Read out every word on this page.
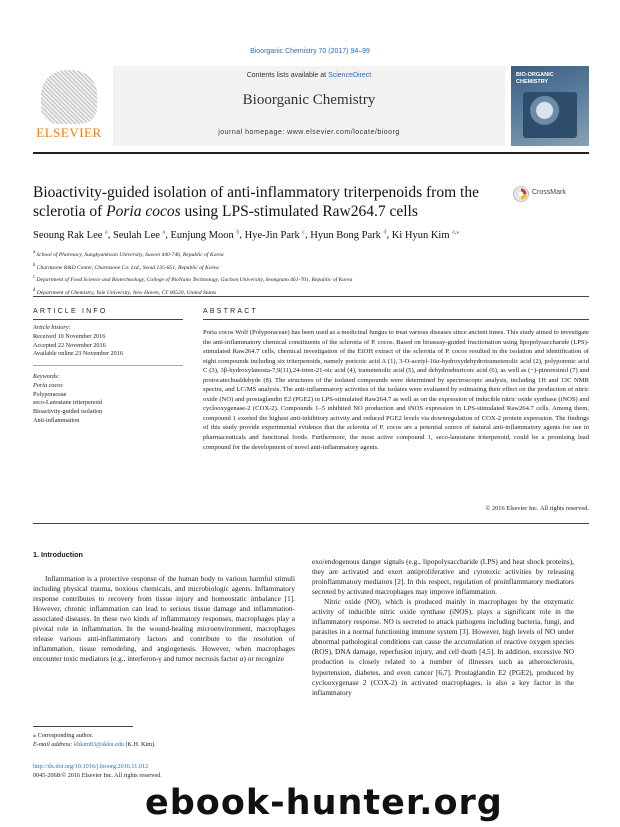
Bioorganic Chemistry 70 (2017) 94–99
ELSEVIER
Contents lists available at ScienceDirect
Bioorganic Chemistry
journal homepage: www.elsevier.com/locate/bioorg
BIO-ORGANIC CHEMISTRY
Bioactivity-guided isolation of anti-inflammatory triterpenoids from the sclerotia of Poria cocos using LPS-stimulated Raw264.7 cells
CrossMark
Seoung Rak Lee $^a$, Seulah Lee $^a$, Eunjung Moon $^b$, Hye-Jin Park $^c$, Hyun Bong Park $^d$, Ki Hyun Kim $^{a,⁎}$
$^a$ School of Pharmacy, Sungkyunkwan University, Suwon 440-746, Republic of Korea
$^b$ Charmzone R&D Center, Charmzone Co. Ltd., Seoul 135-851, Republic of Korea
$^c$ Department of Food Science and Biotechnology, College of BioNano Technology, Gachon University, Seongnam 461-701, Republic of Korea
$^d$ Department of Chemistry, Yale University, New Haven, CT 06520, United States
ARTICLE INFO
Article history:
Received 10 November 2016
Accepted 22 November 2016
Available online 23 November 2016
Keywords:
Poria cocos
Polyporaceae
seco-Lanostane triterpenoid
Bioactivity-guided isolation
Anti-inflammation
ABSTRACT
Poria cocos Wolf (Polyporaceae) has been used as a medicinal fungus to treat various diseases since ancient times. This study aimed to investigate the anti-inflammatory chemical constituents of the sclerotia of P. cocos. Based on bioassay-guided fractionation using lipopolysaccharide (LPS)-stimulated Raw264.7 cells, chemical investigation of the EtOH extract of the sclerotia of P. cocos resulted in the isolation and identification of eight compounds including six triterpenoids, namely poricoic acid A (1), 3-O-acetyl-16α-hydroxydehydrotrametenolic acid (2), polyporenic acid C (3), 3β-hydroxylanosta-7,9(11),24-trien-21-oic acid (4), trametenolic acid (5), and dehydroeburicoic acid (6), as well as (−)-pinoresinol (7) and protocatechualdehyde (8). The structures of the isolated compounds were determined by spectroscopic analysis, including 1H and 13C NMR spectra, and LC/MS analysis. The anti-inflammatory activities of the isolates were evaluated by estimating their effect on the production of nitric oxide (NO) and prostaglandin E2 (PGE2) in LPS-stimulated Raw264.7 as well as on the expression of inducible nitric oxide synthase (iNOS) and cyclooxygenase-2 (COX-2). Compounds 1–5 inhibited NO production and iNOS expression in LPS-stimulated Raw264.7 cells. Among them, compound 1 exerted the highest anti-inhibitory activity and reduced PGE2 levels via downregulation of COX-2 protein expression. The findings of this study provide experimental evidence that the sclerotia of P. cocos are a potential source of natural anti-inflammatory agents for use in pharmaceuticals and functional foods. Furthermore, the most active compound 1, seco-lanostane triterpenoid, could be a promising lead compound for the development of novel anti-inflammatory agents.
© 2016 Elsevier Inc. All rights reserved.
1. Introduction

Inflammation is a protective response of the human body to various harmful stimuli including physical trauma, noxious chemicals, and microbiologic agents. Inflammatory response contributes to recovery from tissue injury and homeostatic imbalance [1]. However, chronic inflammation can lead to serious tissue damage and inflammation-associated diseases. In these two kinds of inflammatory responses, macrophages play a pivotal role in inflammation. In the wound-healing microenvironment, macrophages release various anti-inflammatory factors and contribute to the resolution of inflammation, tissue remodeling, and angiogenesis. However, when macrophages encounter toxic mediators (e.g., interferon-γ and tumor necrosis factor α) or recognize

exo/endogenous danger signals (e.g., lipopolysaccharide (LPS) and heat shock proteins), they are activated and exert antiproliferative and cytotoxic activities by releasing proinflammatory mediators [2]. In this respect, regulation of proinflammatory mediators secreted by activated macrophages may improve inflammation.

Nitric oxide (NO), which is produced mainly in macrophages by the enzymatic activity of inducible nitric oxide synthase (iNOS), plays a significant role in the inflammatory response. NO is secreted to attack pathogens including bacteria, fungi, and parasites in a normal functioning immune system [3]. However, high levels of NO under abnormal pathological conditions can cause the accumulation of reactive oxygen species (ROS), DNA damage, reperfusion injury, and cell death [4,5]. In addition, excessive NO production is closely related to a number of illnesses such as atherosclerosis, hypertension, diabetes, and even cancer [6,7]. Prostaglandin E2 (PGE2), produced by cyclooxygenase 2 (COX-2) in activated macrophages, is also a key factor in the inflammatory

⁎ Corresponding author.
E-mail address: khkim83@skku.edu (K.H. Kim).
http://dx.doi.org/10.1016/j.bioorg.2016.11.012
0045-2068/© 2016 Elsevier Inc. All rights reserved.
ebook-hunter.org
